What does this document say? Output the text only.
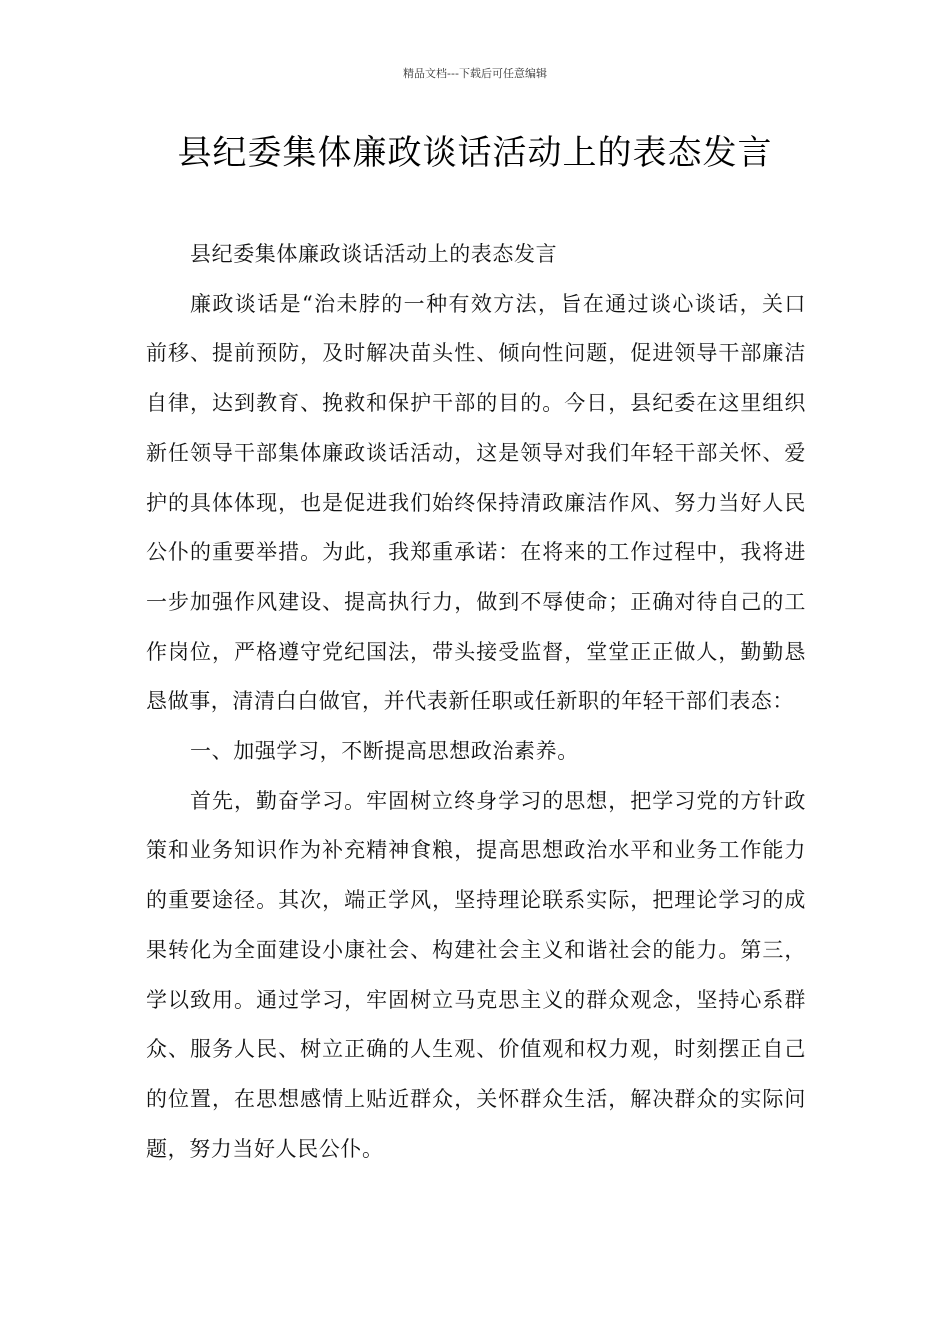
精品文档---下载后可任意编辑
县纪委集体廉政谈话活动上的表态发言

县纪委集体廉政谈话活动上的表态发言

廉政谈话是“治未脖的一种有效方法，旨在通过谈心谈话，关口前移、提前预防，及时解决苗头性、倾向性问题，促进领导干部廉洁自律，达到教育、挽救和保护干部的目的。今日，县纪委在这里组织新任领导干部集体廉政谈话活动，这是领导对我们年轻干部关怀、爱护的具体体现，也是促进我们始终保持清政廉洁作风、努力当好人民公仆的重要举措。为此，我郑重承诺：在将来的工作过程中，我将进一步加强作风建设、提高执行力，做到不辱使命；正确对待自己的工作岗位，严格遵守党纪国法，带头接受监督，堂堂正正做人，勤勤恳恳做事，清清白白做官，并代表新任职或任新职的年轻干部们表态：

一、加强学习，不断提高思想政治素养。

首先，勤奋学习。牢固树立终身学习的思想，把学习党的方针政策和业务知识作为补充精神食粮，提高思想政治水平和业务工作能力的重要途径。其次，端正学风，坚持理论联系实际，把理论学习的成果转化为全面建设小康社会、构建社会主义和谐社会的能力。第三，学以致用。通过学习，牢固树立马克思主义的群众观念，坚持心系群众、服务人民、树立正确的人生观、价值观和权力观，时刻摆正自己的位置，在思想感情上贴近群众，关怀群众生活，解决群众的实际问题，努力当好人民公仆。
